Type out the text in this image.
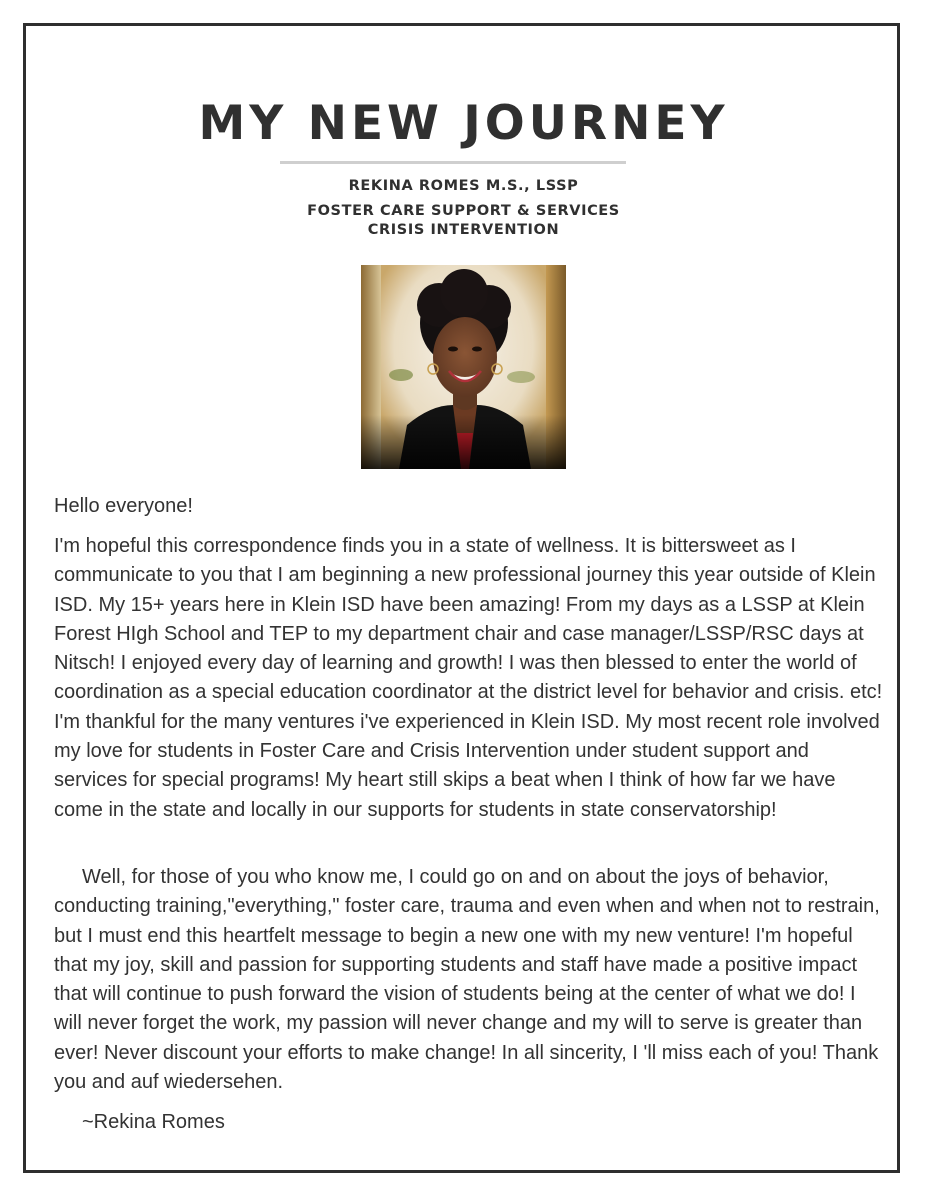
MY NEW JOURNEY
REKINA ROMES M.S., LSSP
FOSTER CARE SUPPORT & SERVICES
CRISIS INTERVENTION
Hello everyone!
I'm hopeful this correspondence finds you in a state of wellness. It is bittersweet as I communicate to you that I am beginning a new professional journey this year outside of Klein ISD. My 15+ years here in Klein ISD have been amazing! From my days as a LSSP at Klein Forest HIgh School and TEP to my department chair and case manager/LSSP/RSC days at Nitsch! I enjoyed every day of learning and growth! I was then blessed to enter the world of coordination as a special education coordinator at the district level for behavior and crisis. etc! I'm thankful for the many ventures i've experienced in Klein ISD. My most recent role involved my love for students in Foster Care and Crisis Intervention under student support and services for special programs! My heart still skips a beat when I think of how far we have come in the state and locally in our supports for students in state conservatorship!
Well, for those of you who know me, I could go on and on about the joys of behavior, conducting training,"everything," foster care, trauma and even when and when not to restrain, but I must end this heartfelt message to begin a new one with my new venture! I'm hopeful that my joy, skill and passion for supporting students and staff have made a positive impact that will continue to push forward the vision of students being at the center of what we do! I will never forget the work, my passion will never change and my will to serve is greater than ever! Never discount your efforts to make change! In all sincerity, I 'll miss each of you! Thank you and auf wiedersehen.
~Rekina Romes
